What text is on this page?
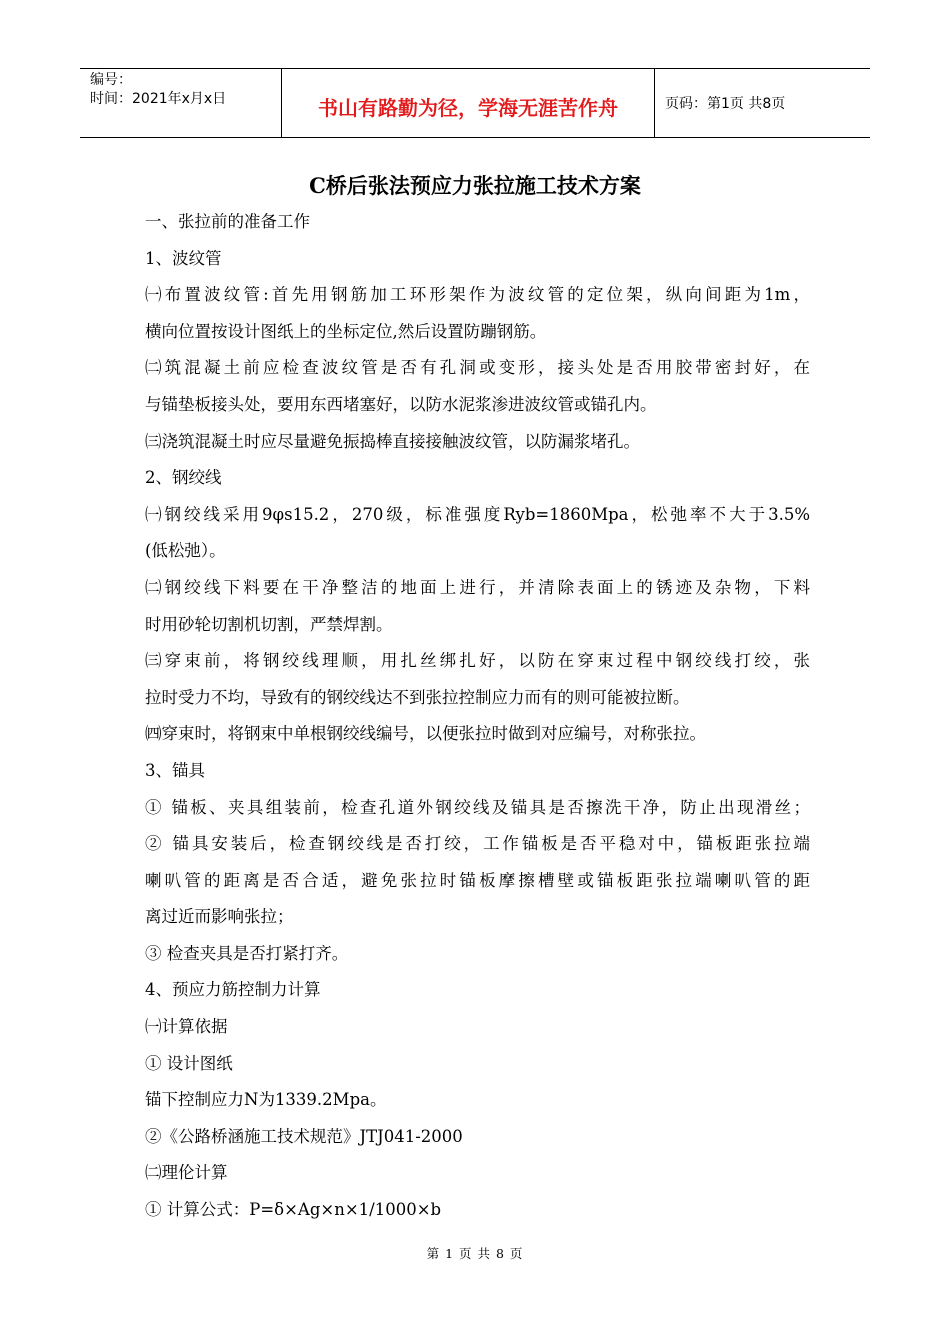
编号：
时间：2021年x月x日	书山有路勤为径，学海无涯苦作舟	页码：第1页 共8页
C桥后张法预应力张拉施工技术方案

一、张拉前的准备工作

1、波纹管

㈠布置波纹管:首先用钢筋加工环形架作为波纹管的定位架，纵向间距为1m，

横向位置按设计图纸上的坐标定位,然后设置防蹦钢筋。

㈡筑混凝土前应检查波纹管是否有孔洞或变形，接头处是否用胶带密封好，在

与锚垫板接头处，要用东西堵塞好，以防水泥浆渗进波纹管或锚孔内。

㈢浇筑混凝土时应尽量避免振捣棒直接接触波纹管，以防漏浆堵孔。

2、钢绞线

㈠钢绞线采用9φs15.2，270级，标准强度Ryb=1860Mpa，松弛率不大于3.5%

(低松弛）。

㈡钢绞线下料要在干净整洁的地面上进行，并清除表面上的锈迹及杂物，下料

时用砂轮切割机切割，严禁焊割。

㈢穿束前，将钢绞线理顺，用扎丝绑扎好，以防在穿束过程中钢绞线打绞，张

拉时受力不均，导致有的钢绞线达不到张拉控制应力而有的则可能被拉断。

㈣穿束时，将钢束中单根钢绞线编号，以便张拉时做到对应编号，对称张拉。

3、锚具

① 锚板、夹具组装前，检查孔道外钢绞线及锚具是否擦洗干净，防止出现滑丝；

② 锚具安装后，检查钢绞线是否打绞，工作锚板是否平稳对中，锚板距张拉端

喇叭管的距离是否合适，避免张拉时锚板摩擦槽壁或锚板距张拉端喇叭管的距

离过近而影响张拉；

③ 检查夹具是否打紧打齐。

4、预应力筋控制力计算

㈠计算依据

① 设计图纸

锚下控制应力N为1339.2Mpa。

②《公路桥涵施工技术规范》JTJ041-2000

㈡理伦计算

① 计算公式：P=δ×Ag×n×1/1000×b

第 1 页 共 8 页
